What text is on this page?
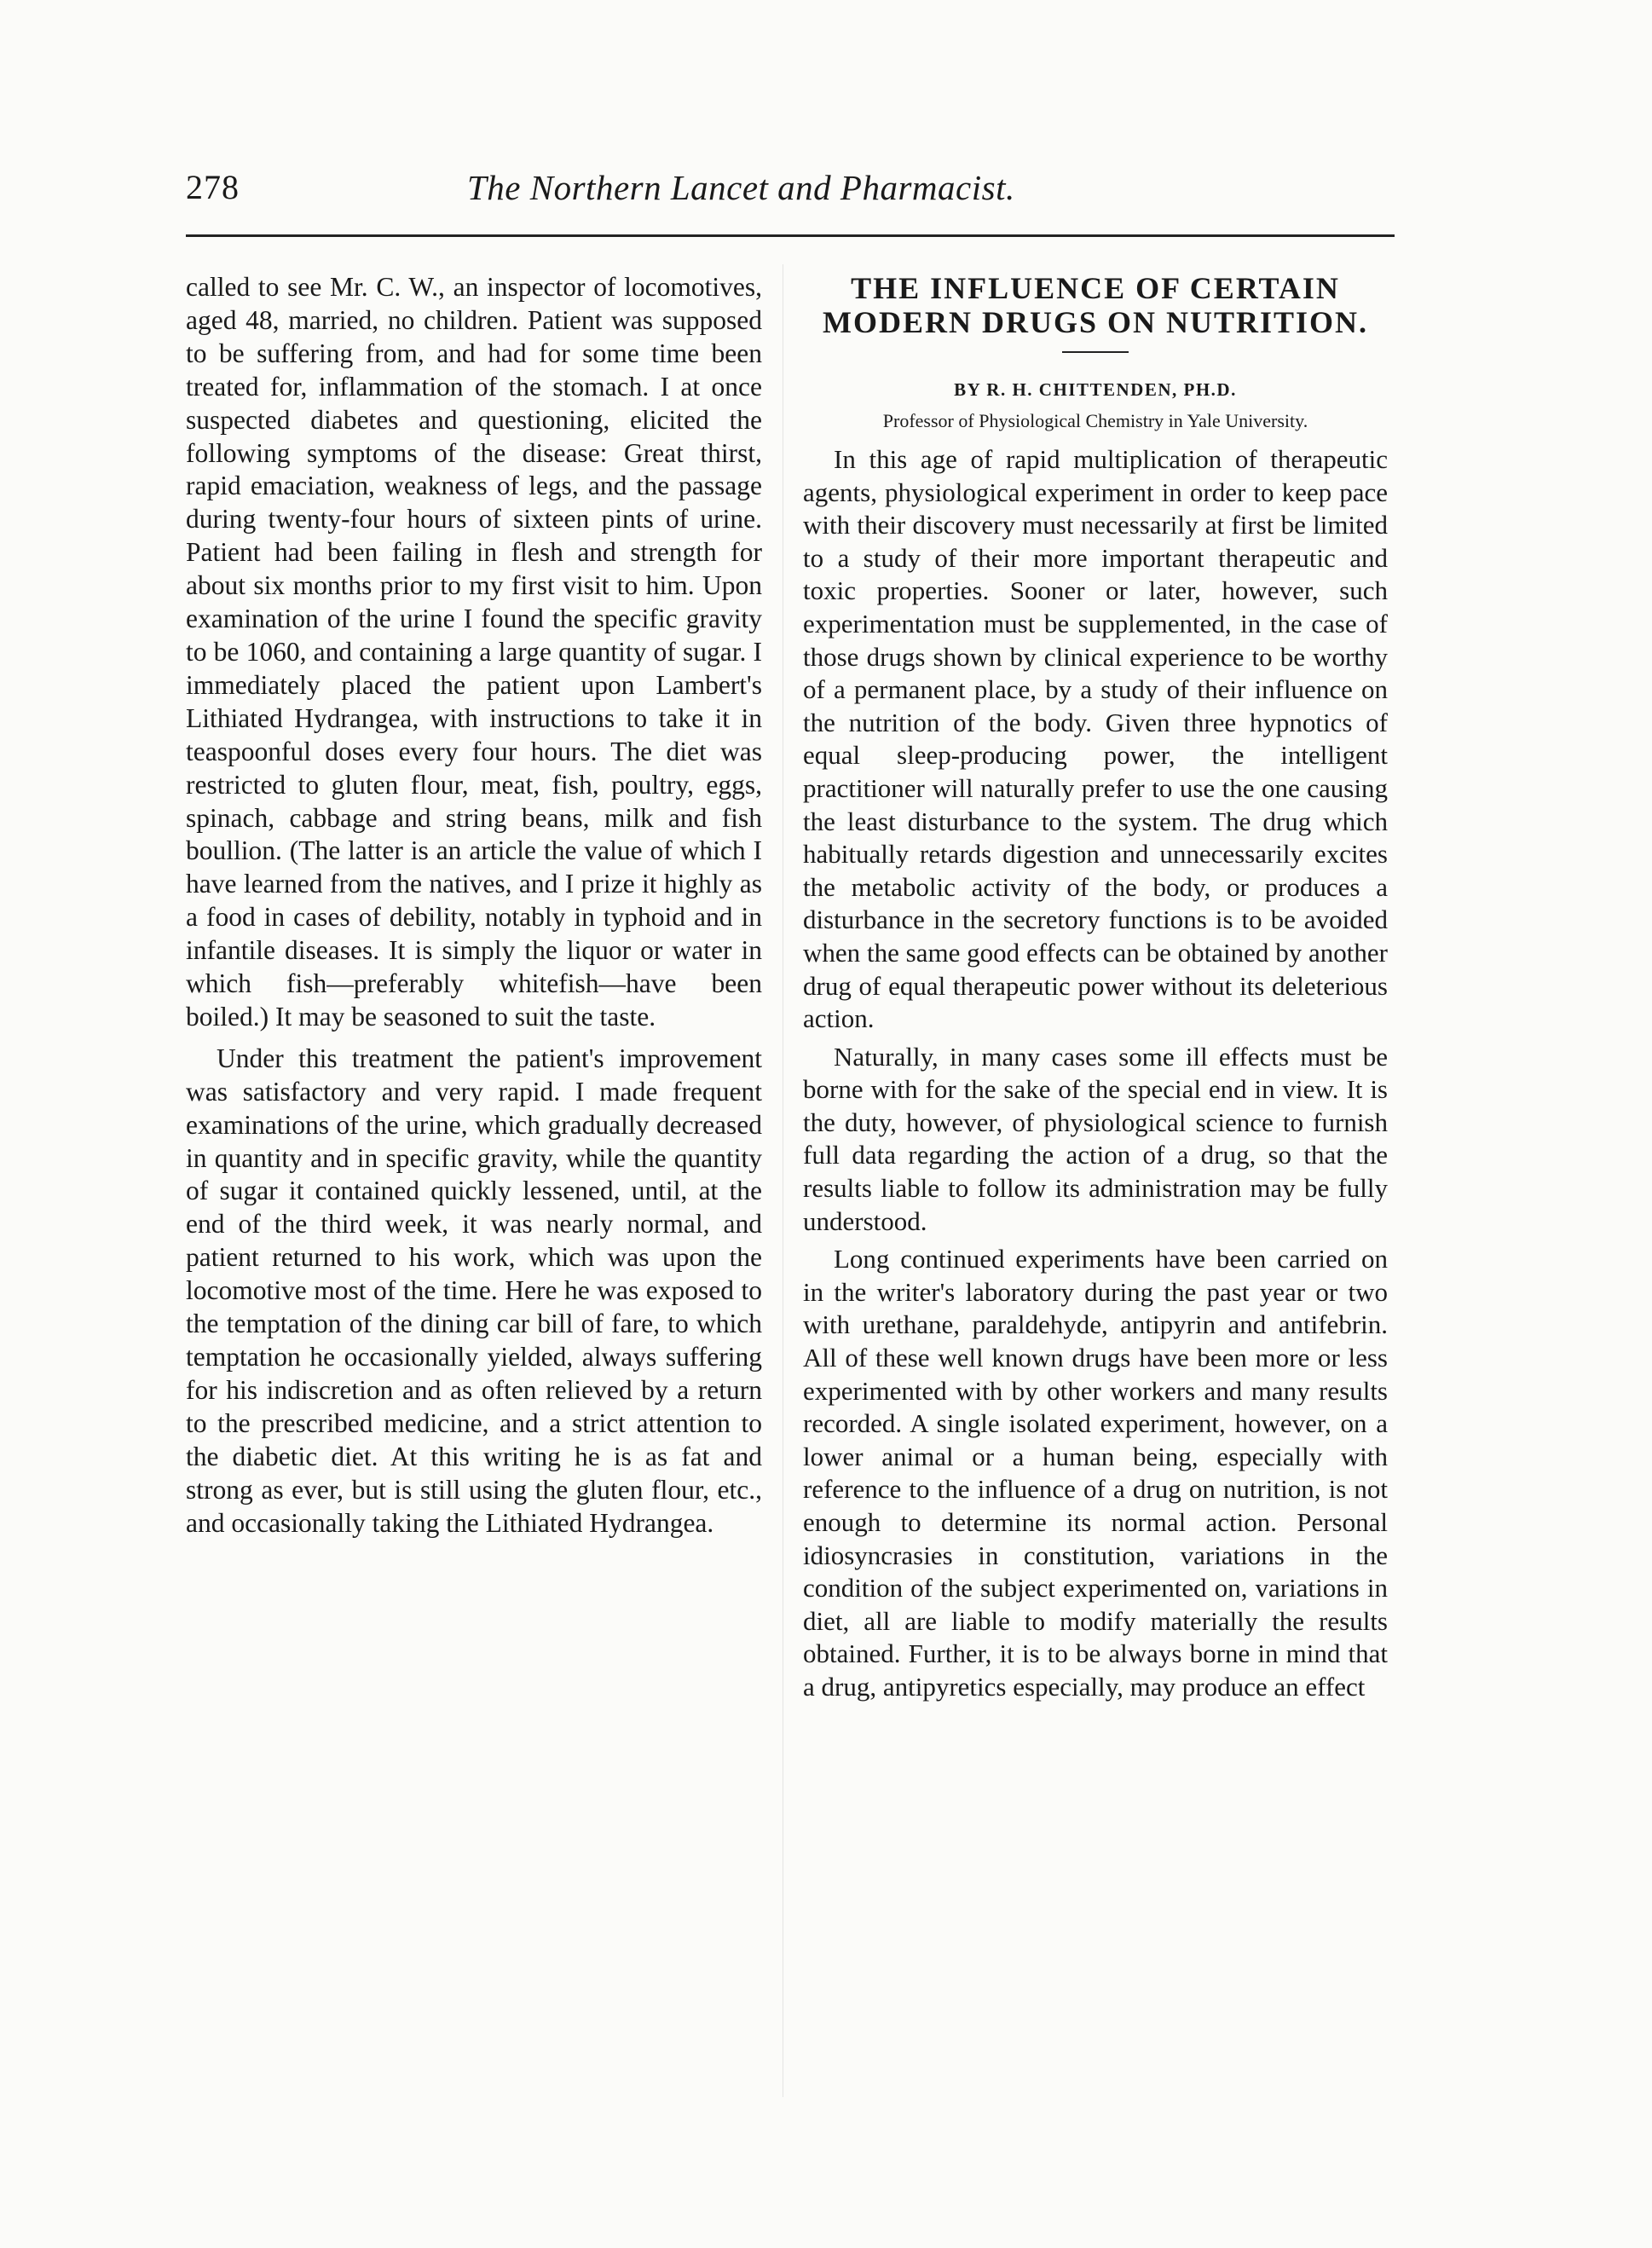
278	The Northern Lancet and Pharmacist.

called to see Mr. C. W., an inspector of locomotives, aged 48, married, no children. Patient was supposed to be suffering from, and had for some time been treated for, inflammation of the stomach. I at once suspected diabetes and questioning, elicited the following symptoms of the disease: Great thirst, rapid emaciation, weakness of legs, and the passage during twenty-four hours of sixteen pints of urine. Patient had been failing in flesh and strength for about six months prior to my first visit to him. Upon examination of the urine I found the specific gravity to be 1060, and containing a large quantity of sugar. I immediately placed the patient upon Lambert's Lithiated Hydrangea, with instructions to take it in teaspoonful doses every four hours. The diet was restricted to gluten flour, meat, fish, poultry, eggs, spinach, cabbage and string beans, milk and fish boullion. (The latter is an article the value of which I have learned from the natives, and I prize it highly as a food in cases of debility, notably in typhoid and in infantile diseases. It is simply the liquor or water in which fish—preferably whitefish—have been boiled.) It may be seasoned to suit the taste.

Under this treatment the patient's improvement was satisfactory and very rapid. I made frequent examinations of the urine, which gradually decreased in quantity and in specific gravity, while the quantity of sugar it contained quickly lessened, until, at the end of the third week, it was nearly normal, and patient returned to his work, which was upon the locomotive most of the time. Here he was exposed to the temptation of the dining car bill of fare, to which temptation he occasionally yielded, always suffering for his indiscretion and as often relieved by a return to the prescribed medicine, and a strict attention to the diabetic diet. At this writing he is as fat and strong as ever, but is still using the gluten flour, etc., and occasionally taking the Lithiated Hydrangea.

THE INFLUENCE OF CERTAIN MODERN DRUGS ON NUTRITION.
BY R. H. CHITTENDEN, PH.D.
Professor of Physiological Chemistry in Yale University.

In this age of rapid multiplication of therapeutic agents, physiological experiment in order to keep pace with their discovery must necessarily at first be limited to a study of their more important therapeutic and toxic properties. Sooner or later, however, such experimentation must be supplemented, in the case of those drugs shown by clinical experience to be worthy of a permanent place, by a study of their influence on the nutrition of the body. Given three hypnotics of equal sleep-producing power, the intelligent practitioner will naturally prefer to use the one causing the least disturbance to the system. The drug which habitually retards digestion and unnecessarily excites the metabolic activity of the body, or produces a disturbance in the secretory functions is to be avoided when the same good effects can be obtained by another drug of equal therapeutic power without its deleterious action.

Naturally, in many cases some ill effects must be borne with for the sake of the special end in view. It is the duty, however, of physiological science to furnish full data regarding the action of a drug, so that the results liable to follow its administration may be fully understood.

Long continued experiments have been carried on in the writer's laboratory during the past year or two with urethane, paraldehyde, antipyrin and antifebrin. All of these well known drugs have been more or less experimented with by other workers and many results recorded. A single isolated experiment, however, on a lower animal or a human being, especially with reference to the influence of a drug on nutrition, is not enough to determine its normal action. Personal idiosyncrasies in constitution, variations in the condition of the subject experimented on, variations in diet, all are liable to modify materially the results obtained. Further, it is to be always borne in mind that a drug, antipyretics especially, may produce an effect
